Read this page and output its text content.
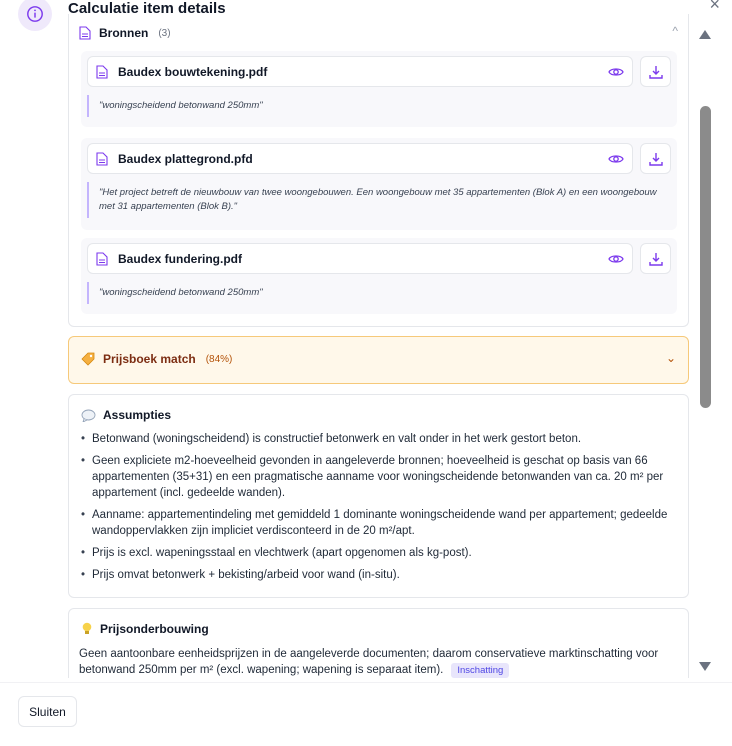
Calculatie item details	×
Bronnen (3)	^
Baudex bouwtekening.pdf
"woningscheidend betonwand 250mm"
Baudex plattegrond.pfd
"Het project betreft de nieuwbouw van twee woongebouwen. Een woongebouw met 35 appartementen (Blok A) en een woongebouw met 31 appartementen (Blok B)."
Baudex fundering.pdf
"woningscheidend betonwand 250mm"
Prijsboek match (84%)	⌄
Assumpties
• Betonwand (woningscheidend) is constructief betonwerk en valt onder in het werk gestort beton.
• Geen expliciete m2-hoeveelheid gevonden in aangeleverde bronnen; hoeveelheid is geschat op basis van 66 appartementen (35+31) en een pragmatische aanname voor woningscheidende betonwanden van ca. 20 m² per appartement (incl. gedeelde wanden).
• Aanname: appartementindeling met gemiddeld 1 dominante woningscheidende wand per appartement; gedeelde wandoppervlakken zijn impliciet verdisconteerd in de 20 m²/apt.
• Prijs is excl. wapeningsstaal en vlechtwerk (apart opgenomen als kg-post).
• Prijs omvat betonwerk + bekisting/arbeid voor wand (in-situ).
Prijsonderbouwing
Geen aantoonbare eenheidsprijzen in de aangeleverde documenten; daarom conservatieve marktinschatting voor betonwand 250mm per m² (excl. wapening; wapening is separaat item). Inschatting
Sluiten
